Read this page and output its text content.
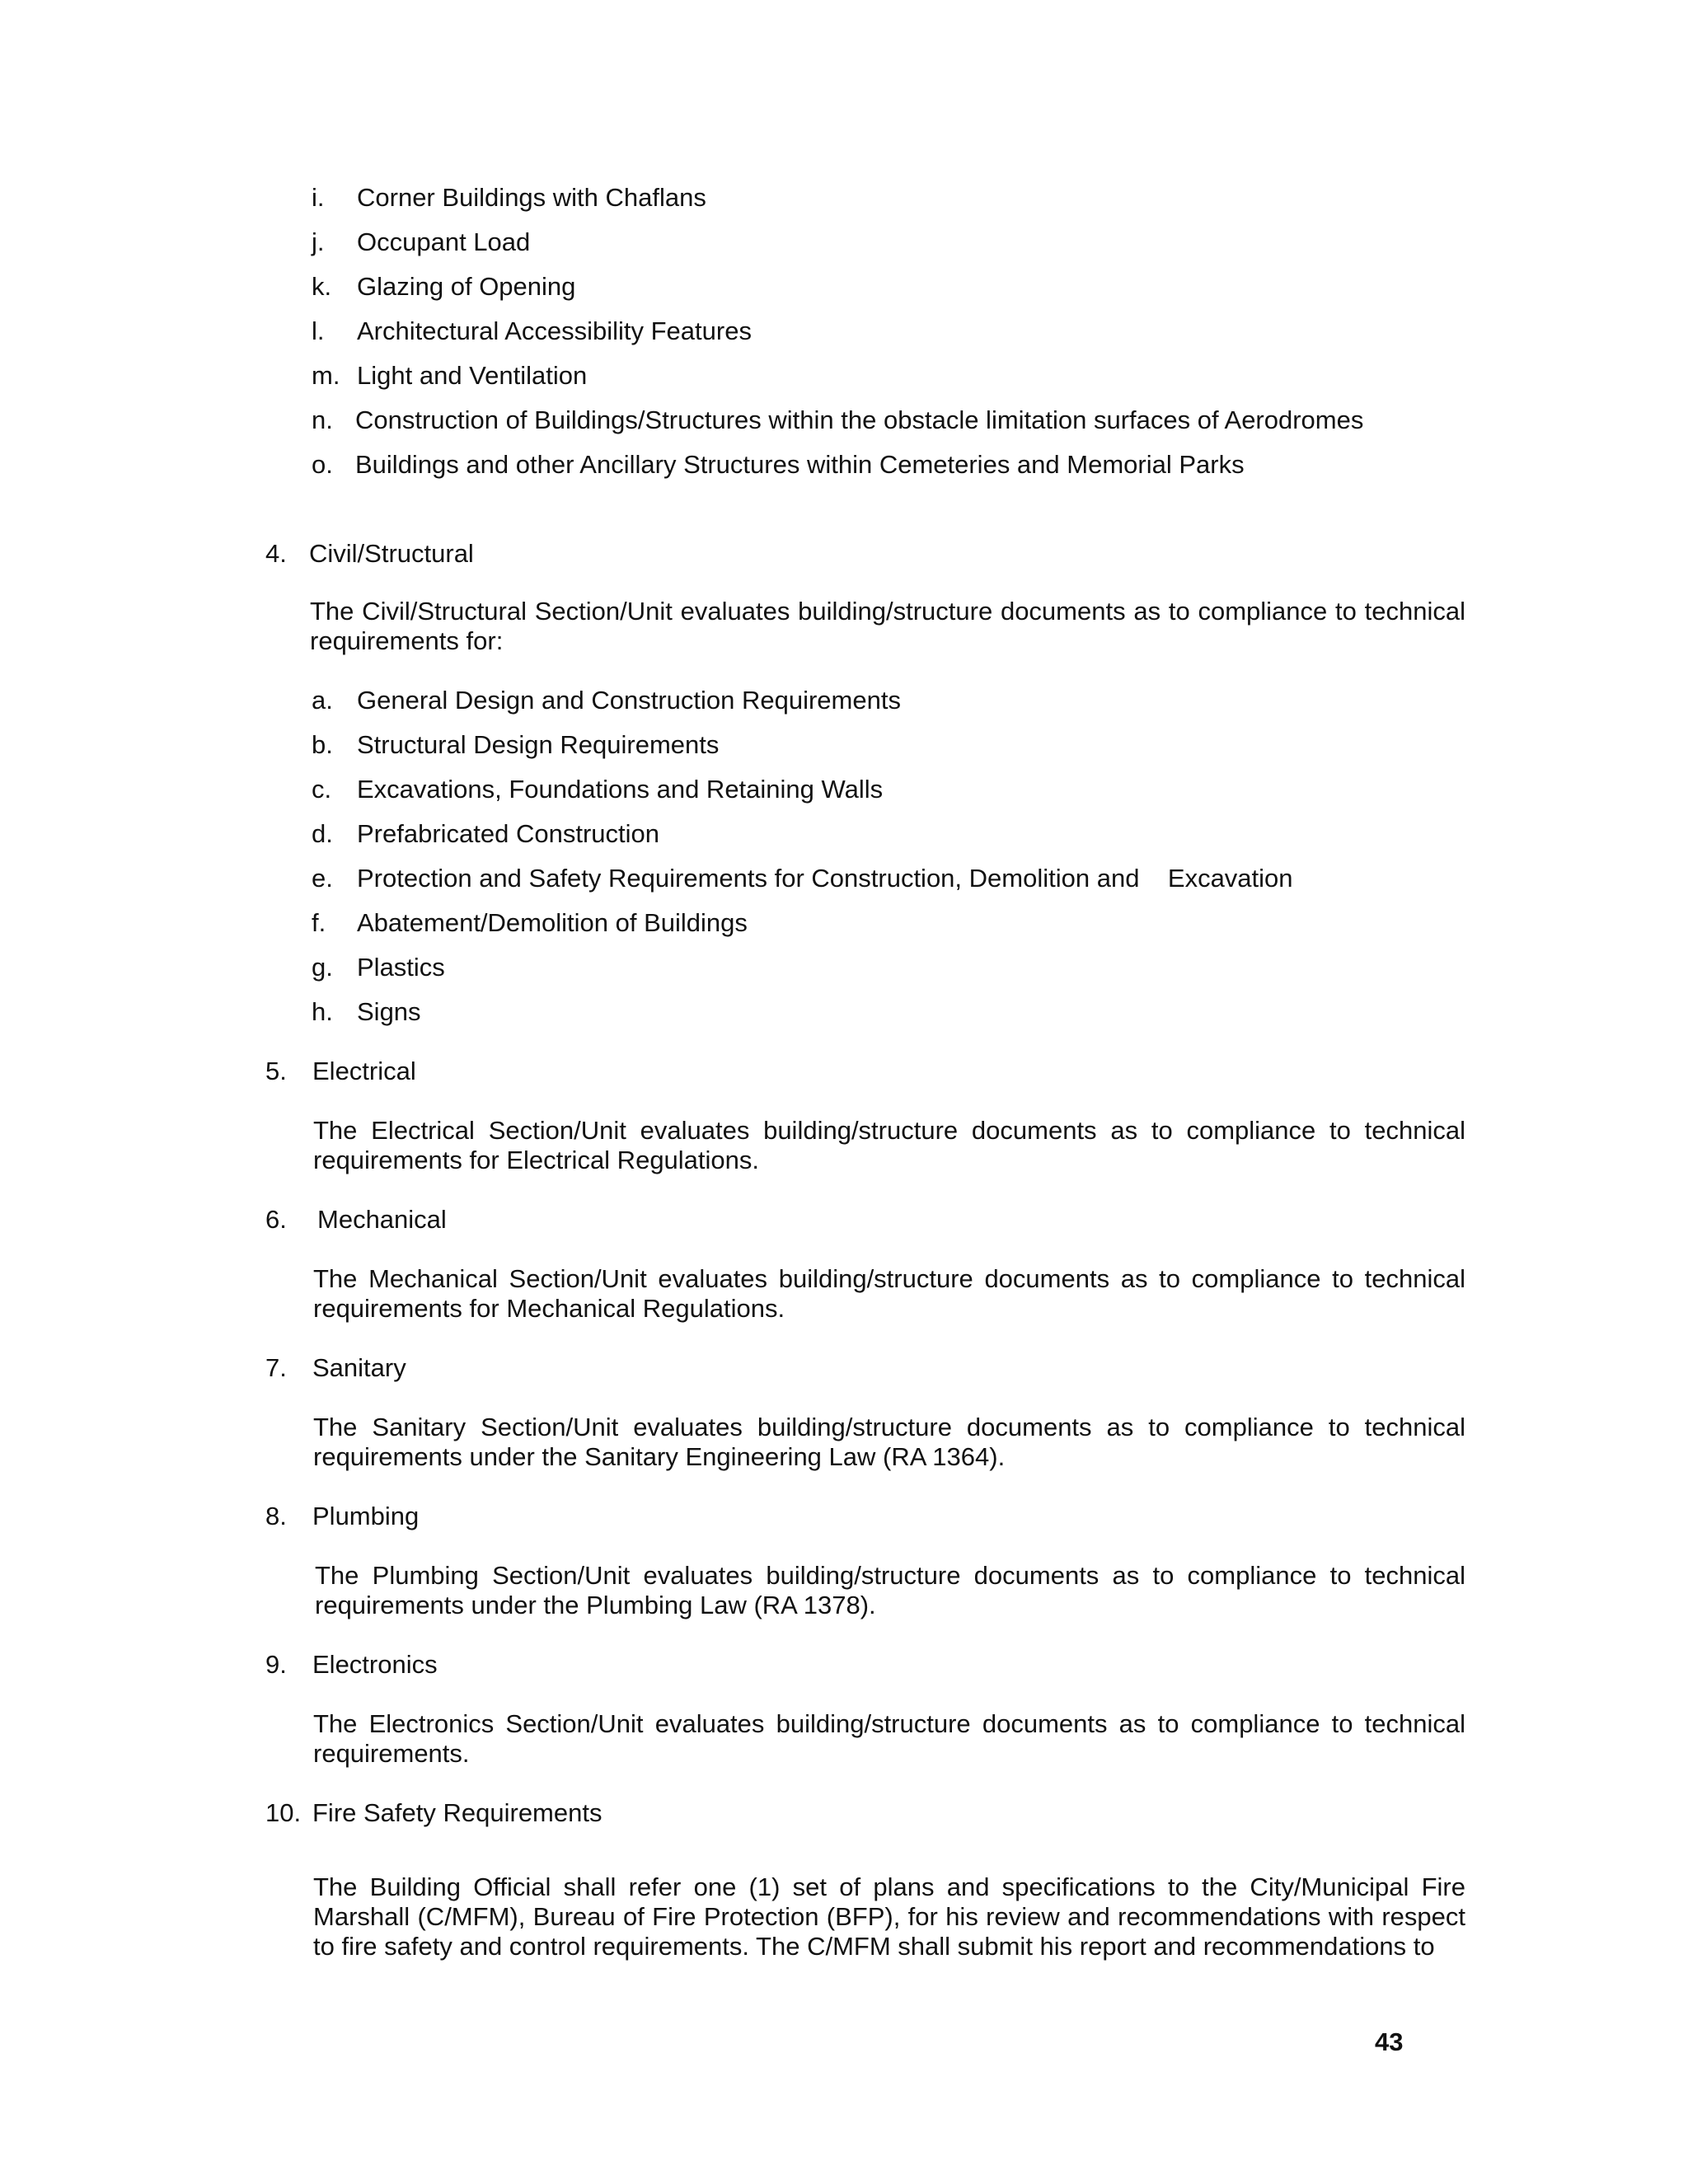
i. Corner Buildings with Chaflans
j. Occupant Load
k. Glazing of Opening
l. Architectural Accessibility Features
m. Light and Ventilation
n. Construction of Buildings/Structures within the obstacle limitation surfaces of Aerodromes
o. Buildings and other Ancillary Structures within Cemeteries and Memorial Parks
4. Civil/Structural
The Civil/Structural Section/Unit evaluates building/structure documents as to compliance to technical requirements for:
a. General Design and Construction Requirements
b. Structural Design Requirements
c. Excavations, Foundations and Retaining Walls
d. Prefabricated Construction
e. Protection and Safety Requirements for Construction, Demolition and    Excavation
f. Abatement/Demolition of Buildings
g. Plastics
h. Signs
5. Electrical
The Electrical Section/Unit evaluates building/structure documents as to compliance to technical requirements for Electrical Regulations.
6. Mechanical
The Mechanical Section/Unit evaluates building/structure documents as to compliance to technical requirements for Mechanical Regulations.
7. Sanitary
The Sanitary Section/Unit evaluates building/structure documents as to compliance to technical requirements under the Sanitary Engineering Law (RA 1364).
8. Plumbing
The Plumbing Section/Unit evaluates building/structure documents as to compliance to technical requirements under the Plumbing Law (RA 1378).
9. Electronics
The Electronics Section/Unit evaluates building/structure documents as to compliance to technical requirements.
10. Fire Safety Requirements
The Building Official shall refer one (1) set of plans and specifications to the City/Municipal Fire Marshall (C/MFM), Bureau of Fire Protection (BFP), for his review and recommendations with respect to fire safety and control requirements. The C/MFM shall submit his report and recommendations to
43
